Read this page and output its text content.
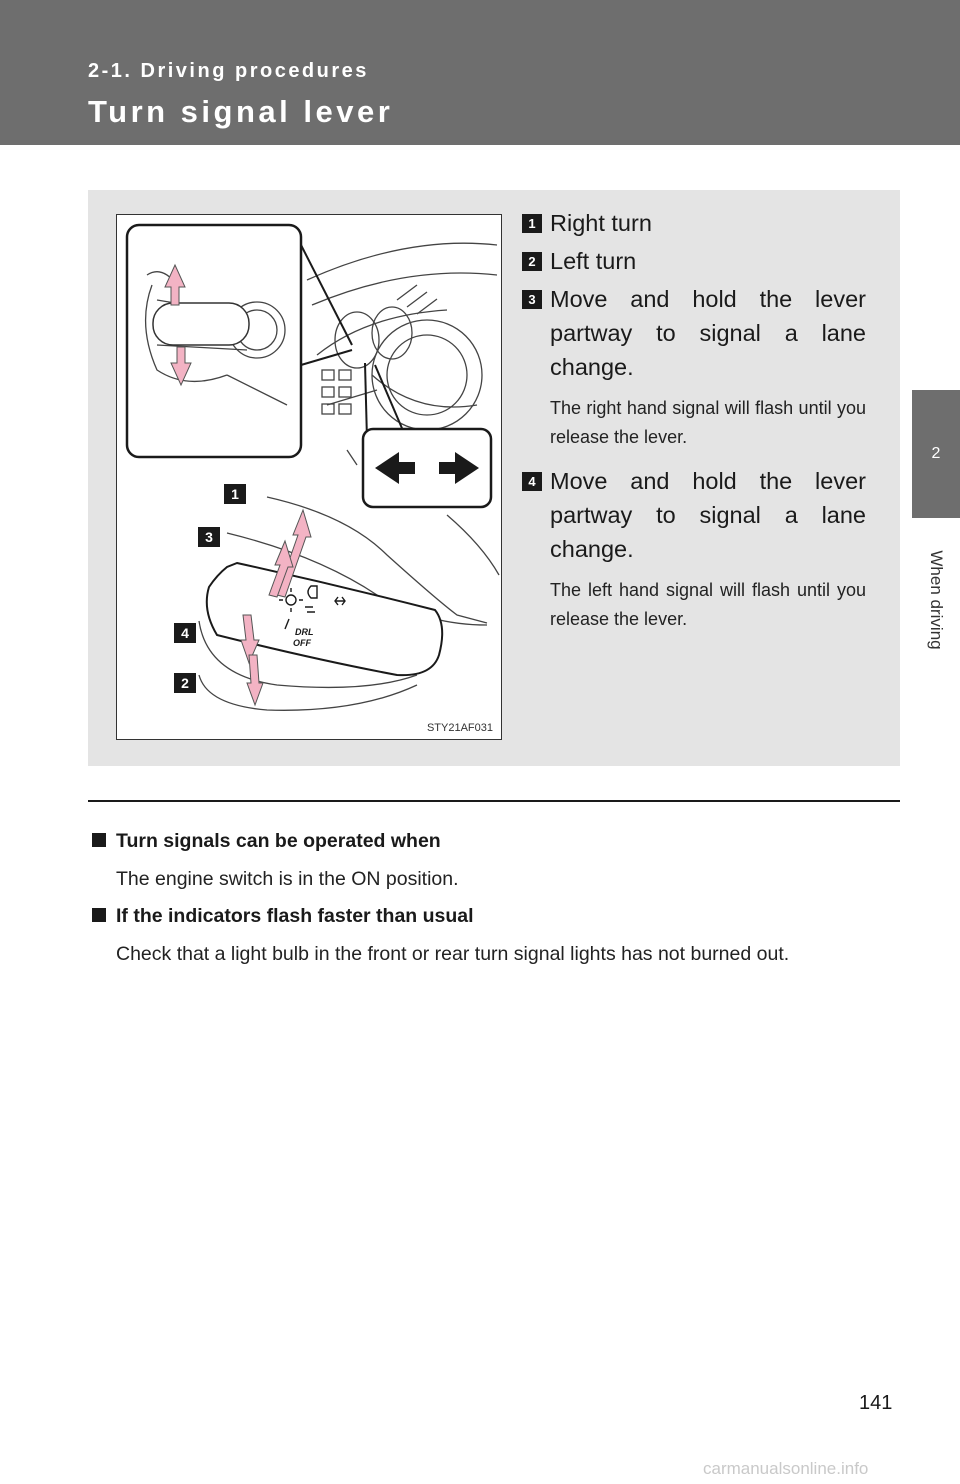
2-1. Driving procedures
Turn signal lever
2
When driving
DRL
OFF
1
3
4
2
STY21AF031
1 Right turn
2 Left turn
3 Move and hold the lever partway to signal a lane change.
The right hand signal will flash until you release the lever.
4 Move and hold the lever partway to signal a lane change.
The left hand signal will flash until you release the lever.
Turn signals can be operated when
The engine switch is in the ON position.
If the indicators flash faster than usual
Check that a light bulb in the front or rear turn signal lights has not burned out.
141
carmanualsonline.info
